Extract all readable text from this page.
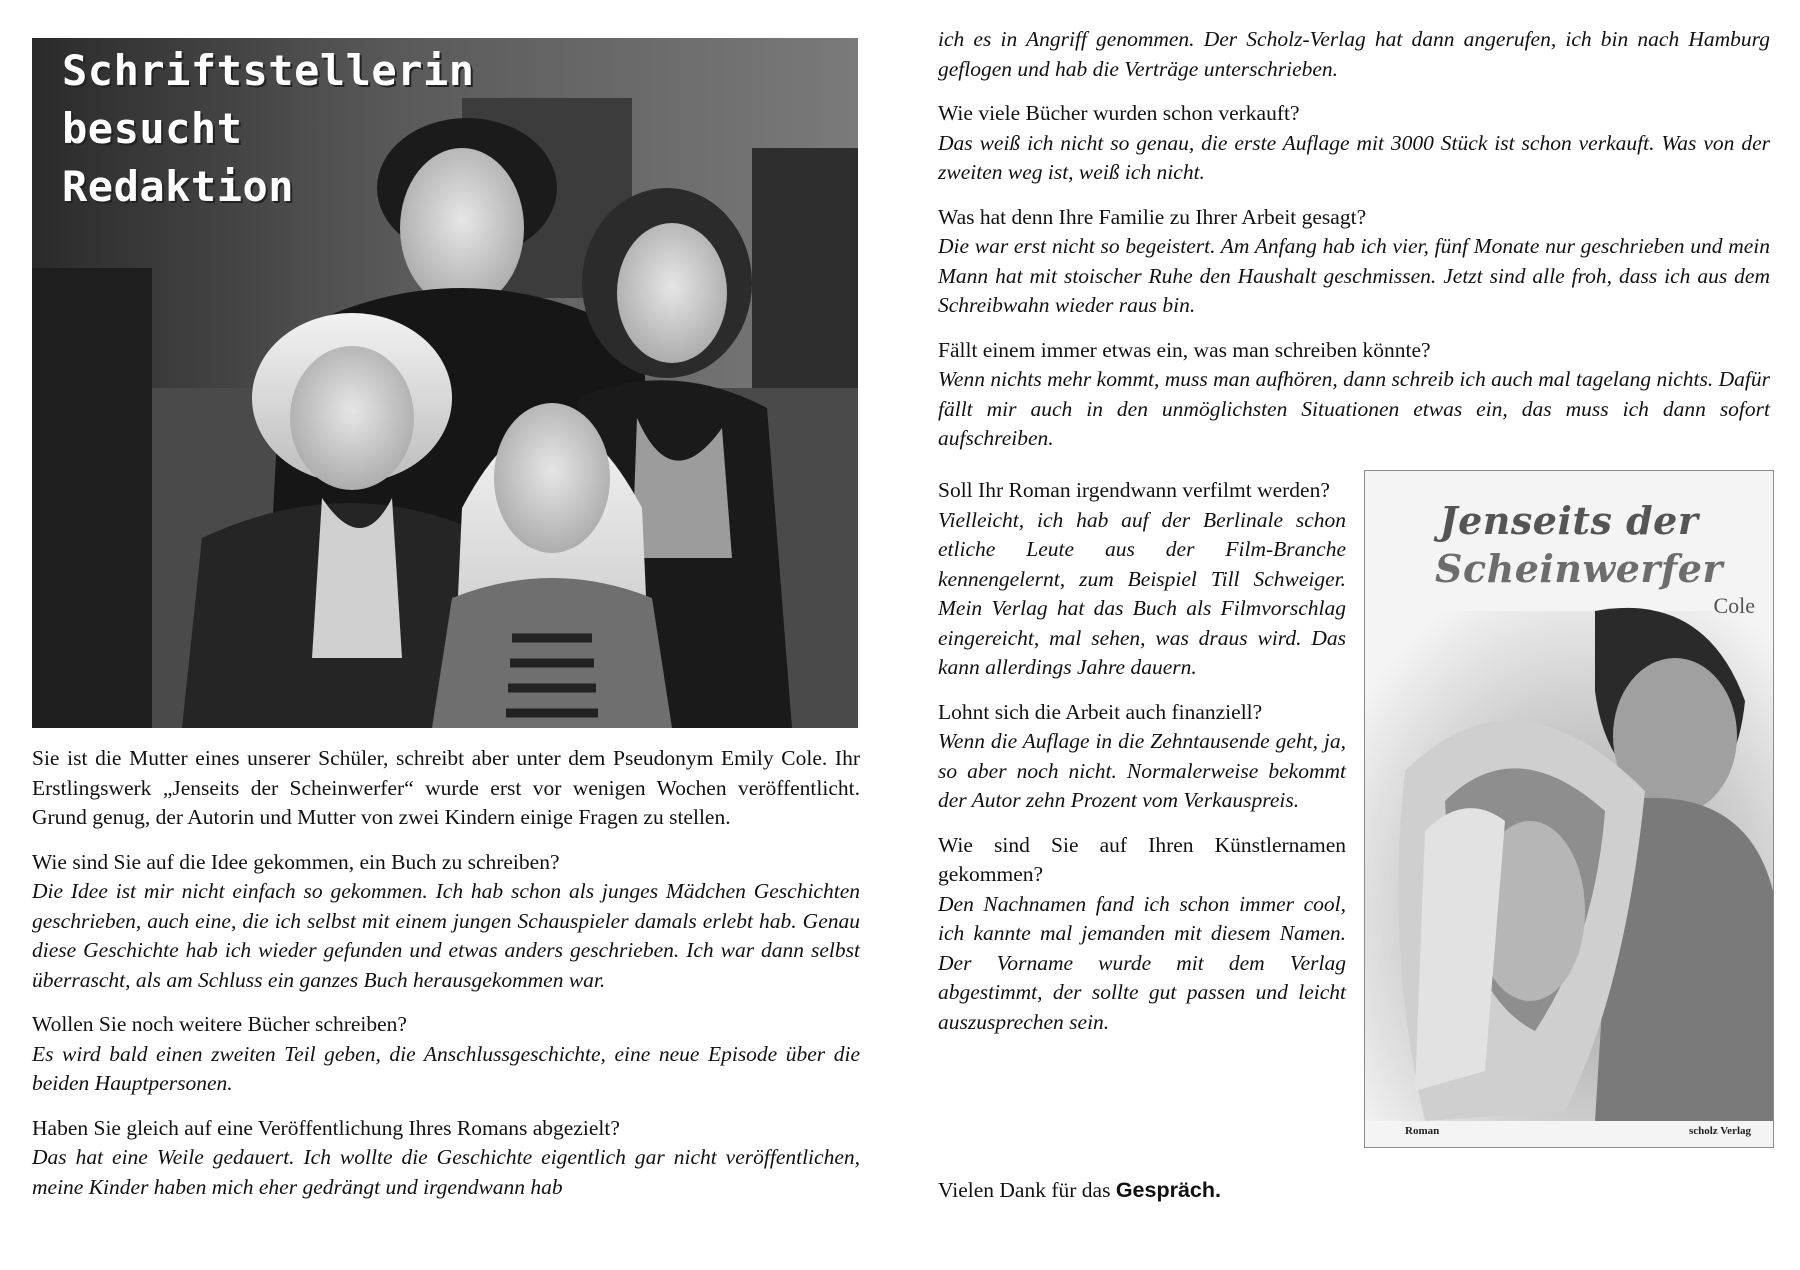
Schriftstellerin
besucht
Redaktion

Sie ist die Mutter eines unserer Schüler, schreibt aber unter dem Pseudonym Emily Cole. Ihr Erstlingswerk „Jenseits der Scheinwerfer“ wurde erst vor wenigen Wochen veröffentlicht. Grund genug, der Autorin und Mutter von zwei Kindern einige Fragen zu stellen.

Wie sind Sie auf die Idee gekommen, ein Buch zu schreiben?
Die Idee ist mir nicht einfach so gekommen. Ich hab schon als junges Mädchen Geschichten geschrieben, auch eine, die ich selbst mit einem jungen Schauspieler damals erlebt hab. Genau diese Geschichte hab ich wieder gefunden und etwas anders geschrieben. Ich war dann selbst überrascht, als am Schluss ein ganzes Buch herausgekommen war.

Wollen Sie noch weitere Bücher schreiben?
Es wird bald einen zweiten Teil geben, die Anschlussgeschichte, eine neue Episode über die beiden Hauptpersonen.

Haben Sie gleich auf eine Veröffentlichung Ihres Romans abgezielt?
Das hat eine Weile gedauert. Ich wollte die Geschichte eigentlich gar nicht veröffentlichen, meine Kinder haben mich eher gedrängt und irgendwann hab

ich es in Angriff genommen. Der Scholz-Verlag hat dann angerufen, ich bin nach Hamburg geflogen und hab die Verträge unterschrieben.

Wie viele Bücher wurden schon verkauft?
Das weiß ich nicht so genau, die erste Auflage mit 3000 Stück ist schon verkauft. Was von der zweiten weg ist, weiß ich nicht.

Was hat denn Ihre Familie zu Ihrer Arbeit gesagt?
Die war erst nicht so begeistert. Am Anfang hab ich vier, fünf Monate nur geschrieben und mein Mann hat mit stoischer Ruhe den Haushalt geschmissen. Jetzt sind alle froh, dass ich aus dem Schreibwahn wieder raus bin.

Fällt einem immer etwas ein, was man schreiben könnte?
Wenn nichts mehr kommt, muss man aufhören, dann schreib ich auch mal tagelang nichts. Dafür fällt mir auch in den unmöglichsten Situationen etwas ein, das muss ich dann sofort aufschreiben.

Soll Ihr Roman irgendwann verfilmt werden?
Vielleicht, ich hab auf der Berlinale schon etliche Leute aus der Film-Branche kennengelernt, zum Beispiel Till Schweiger. Mein Verlag hat das Buch als Filmvorschlag eingereicht, mal sehen, was draus wird. Das kann allerdings Jahre dauern.

Lohnt sich die Arbeit auch finanziell?
Wenn die Auflage in die Zehntausende geht, ja, so aber noch nicht. Normalerweise bekommt der Autor zehn Prozent vom Verkauspreis.

Wie sind Sie auf Ihren Künstlernamen gekommen?
Den Nachnamen fand ich schon immer cool, ich kannte mal jemanden mit diesem Namen. Der Vorname wurde mit dem Verlag abgestimmt, der sollte gut passen und leicht auszusprechen sein.

Vielen Dank für das Gespräch.

Jenseits der
Scheinwerfer

Cole

Roman	scholz Verlag
